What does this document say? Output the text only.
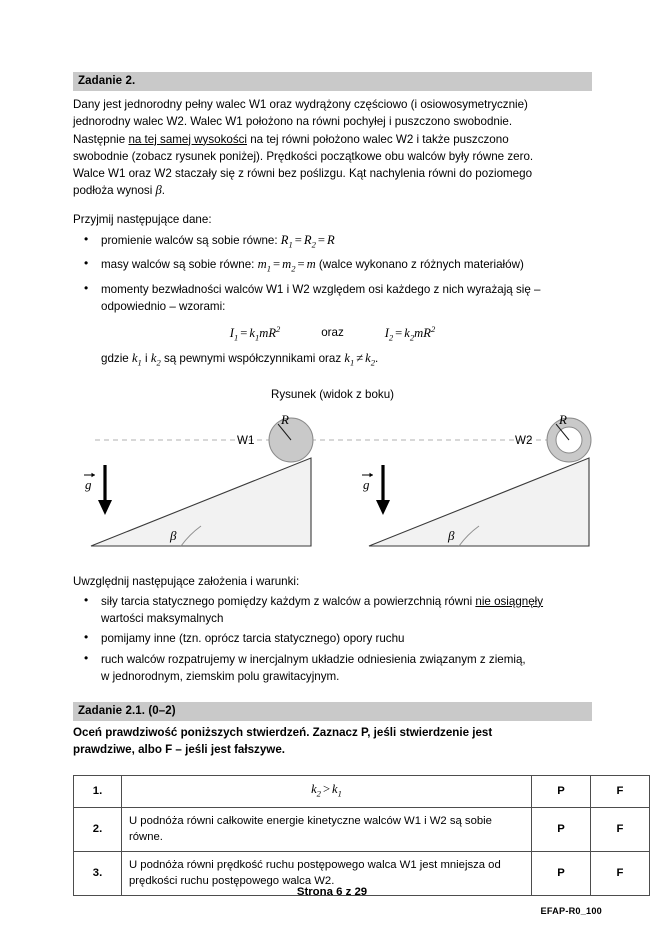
Zadanie 2.
Dany jest jednorodny pełny walec W1 oraz wydrążony częściowo (i osiowosymetrycznie)
jednorodny walec W2. Walec W1 położono na równi pochyłej i puszczono swobodnie.
Następnie na tej samej wysokości na tej równi położono walec W2 i także puszczono
swobodnie (zobacz rysunek poniżej). Prędkości początkowe obu walców były równe zero.
Walce W1 oraz W2 staczały się z równi bez poślizgu. Kąt nachylenia równi do poziomego
podłoża wynosi β.
Przyjmij następujące dane:
• promienie walców są sobie równe: $R_1 = R_2 = R$
• masy walców są sobie równe: $m_1 = m_2 = m$ (walce wykonano z różnych materiałów)
• momenty bezwładności walców W1 i W2 względem osi każdego z nich wyrażają się –
odpowiednio – wzorami:
$I_1 = k_1mR^2$	oraz	$I_2 = k_2mR^2$
gdzie $k_1$ i $k_2$ są pewnymi współczynnikami oraz $k_1 \ne k_2$.
Rysunek (widok z boku)
β
g
R
W1
β
g
R
W2
Uwzględnij następujące założenia i warunki:
• siły tarcia statycznego pomiędzy każdym z walców a powierzchnią równi nie osiągnęły
wartości maksymalnych
• pomijamy inne (tzn. oprócz tarcia statycznego) opory ruchu
• ruch walców rozpatrujemy w inercjalnym układzie odniesienia związanym z ziemią,
w jednorodnym, ziemskim polu grawitacyjnym.
Zadanie 2.1. (0–2)
Oceń prawdziwość poniższych stwierdzeń. Zaznacz P, jeśli stwierdzenie jest
prawdziwe, albo F – jeśli jest fałszywe.
1.	$k_2 > k_1$	P	F
2.	U podnóża równi całkowite energie kinetyczne walców W1 i W2 są sobie równe.	P	F
3.	U podnóża równi prędkość ruchu postępowego walca W1 jest mniejsza od prędkości ruchu postępowego walca W2.	P	F
Strona 6 z 29
EFAP-R0_100
